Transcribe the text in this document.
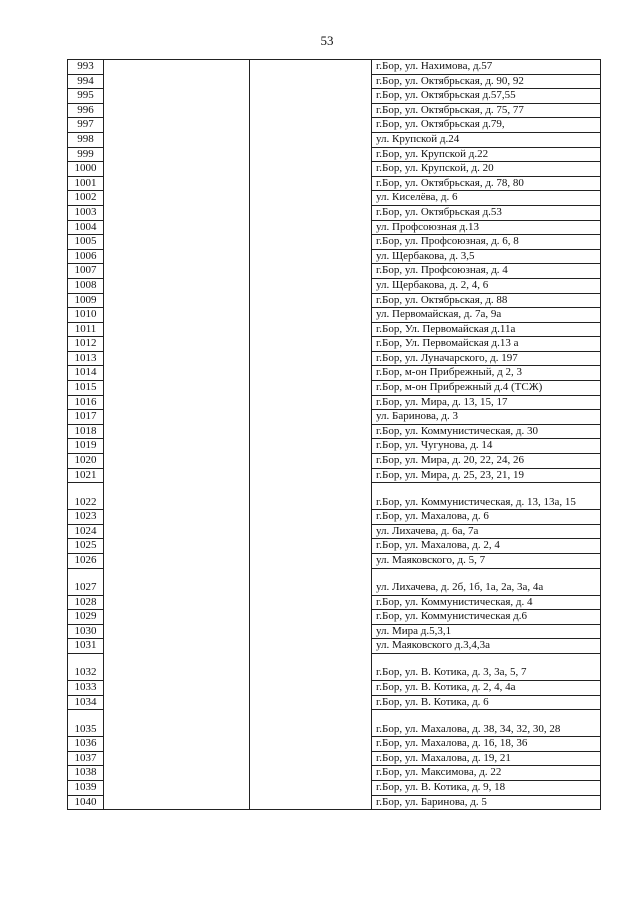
53
993			г.Бор, ул. Нахимова, д.57
994			г.Бор, ул. Октябрьская, д. 90, 92
995			г.Бор, ул. Октябрьская д.57,55
996			г.Бор, ул. Октябрьская, д. 75, 77
997			г.Бор, ул. Октябрьская д.79,
998			ул. Крупской д.24
999			г.Бор, ул. Крупской д.22
1000			г.Бор, ул. Крупской, д. 20
1001			г.Бор, ул. Октябрьская, д. 78, 80
1002			ул. Киселёва, д. 6
1003			г.Бор, ул. Октябрьская д.53
1004			ул. Профсоюзная д.13
1005			г.Бор, ул. Профсоюзная, д. 6, 8
1006			ул. Щербакова, д. 3,5
1007			г.Бор, ул. Профсоюзная, д. 4
1008			ул. Щербакова, д. 2, 4, 6
1009			г.Бор, ул. Октябрьская, д. 88
1010			ул. Первомайская, д. 7а, 9а
1011			г.Бор, Ул. Первомайская д.11а
1012			г.Бор, Ул. Первомайская д.13 а
1013			г.Бор, ул. Луначарского, д. 197
1014			г.Бор, м-он Прибрежный, д 2, 3
1015			г.Бор, м-он Прибрежный д.4 (ТСЖ)
1016			г.Бор, ул. Мира, д. 13, 15, 17
1017			ул. Баринова, д. 3
1018			г.Бор, ул. Коммунистическая, д. 30
1019			г.Бор, ул. Чугунова, д. 14
1020			г.Бор, ул. Мира, д. 20, 22, 24, 26
1021			г.Бор, ул. Мира, д. 25, 23, 21, 19
1022			г.Бор, ул. Коммунистическая, д. 13, 13а, 15
1023			г.Бор, ул. Махалова, д. 6
1024			ул. Лихачева, д. 6а, 7а
1025			г.Бор, ул. Махалова, д. 2, 4
1026			ул. Маяковского, д. 5, 7
1027			ул. Лихачева, д. 2б, 1б, 1а, 2а, 3а, 4а
1028			г.Бор, ул. Коммунистическая, д. 4
1029			г.Бор, ул. Коммунистическая д.6
1030			ул. Мира д.5,3,1
1031			ул. Маяковского д.3,4,3а
1032			г.Бор, ул. В. Котика, д. 3, 3а, 5, 7
1033			г.Бор, ул. В. Котика, д. 2, 4, 4а
1034			г.Бор, ул. В. Котика, д. 6
1035			г.Бор, ул. Махалова, д. 38, 34, 32, 30, 28
1036			г.Бор, ул. Махалова, д. 16, 18, 36
1037			г.Бор, ул. Махалова, д. 19, 21
1038			г.Бор, ул. Максимова, д. 22
1039			г.Бор, ул. В. Котика, д. 9, 18
1040			г.Бор, ул. Баринова, д. 5
